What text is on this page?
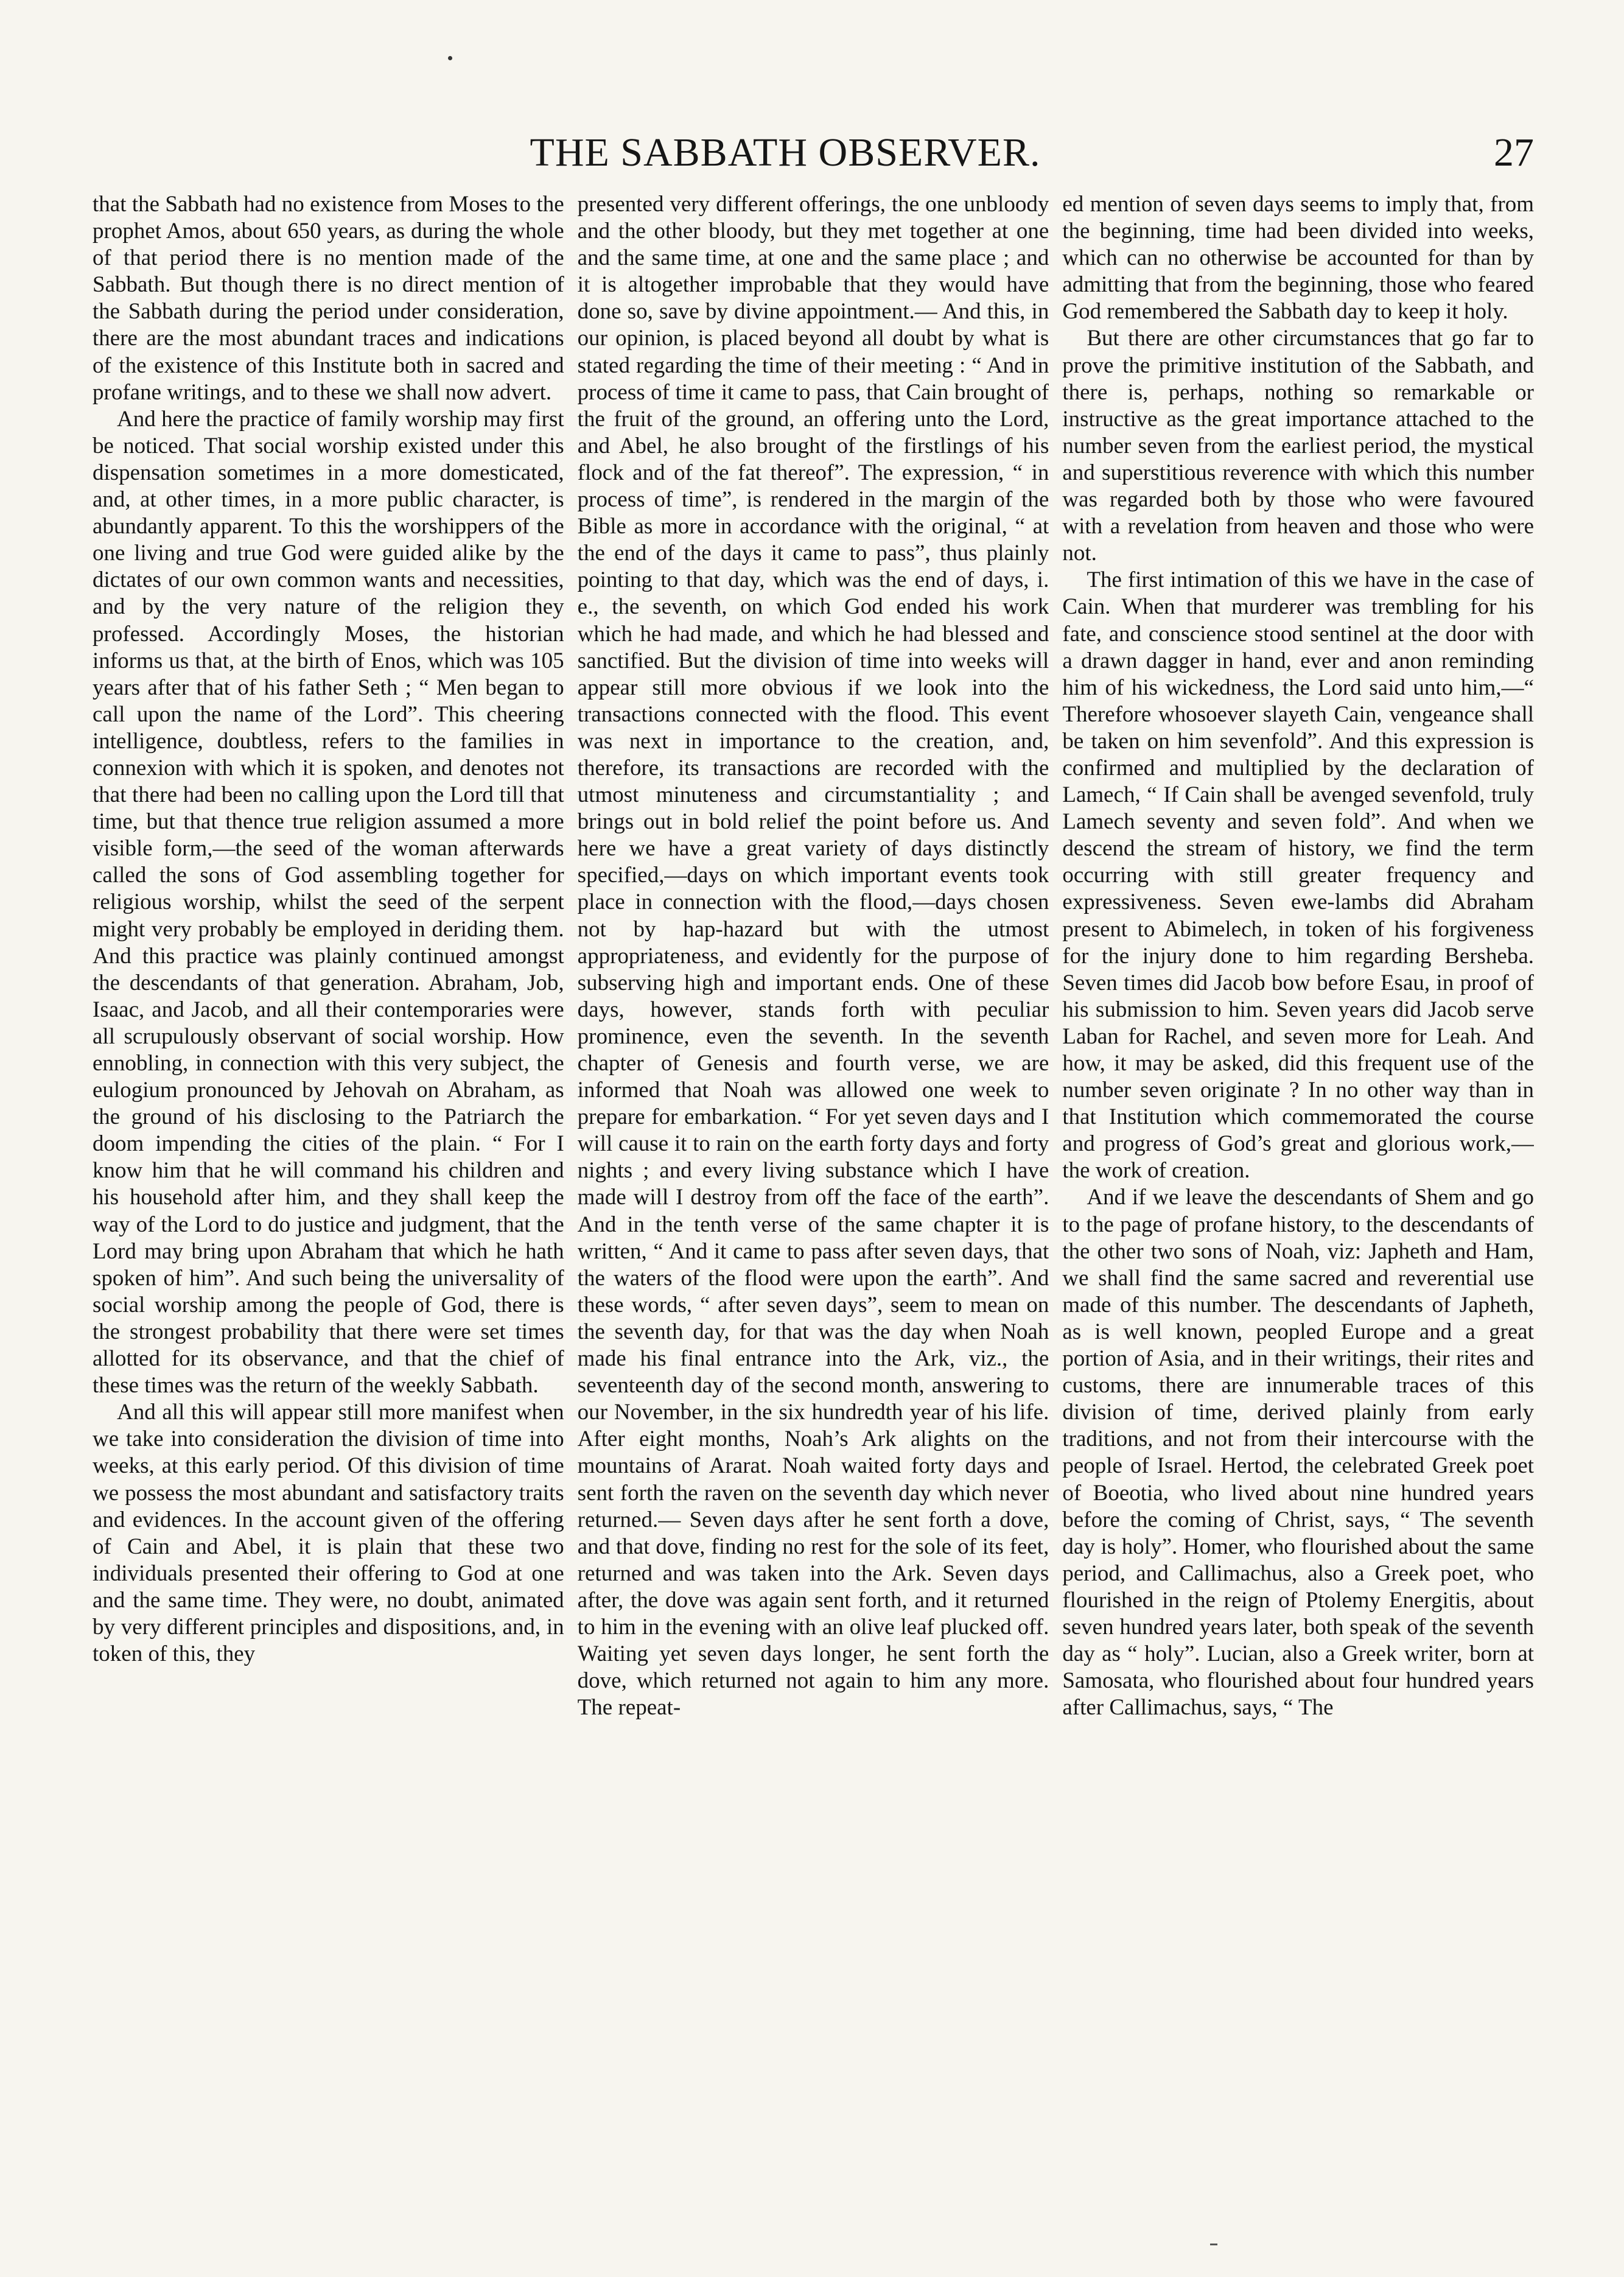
THE SABBATH OBSERVER.	27

that the Sabbath had no existence from Moses to the prophet Amos, about 650 years, as during the whole of that period there is no mention made of the Sabbath. But though there is no direct mention of the Sabbath during the period under consideration, there are the most abundant traces and indications of the existence of this Institute both in sacred and profane writings, and to these we shall now advert.

And here the practice of family worship may first be noticed. That social worship existed under this dispensation sometimes in a more domesticated, and, at other times, in a more public character, is abundantly apparent. To this the worshippers of the one living and true God were guided alike by the dictates of our own common wants and necessities, and by the very nature of the religion they professed. Accordingly Moses, the historian informs us that, at the birth of Enos, which was 105 years after that of his father Seth ; “ Men began to call upon the name of the Lord”. This cheering intelligence, doubtless, refers to the families in connexion with which it is spoken, and denotes not that there had been no calling upon the Lord till that time, but that thence true religion assumed a more visible form,—the seed of the woman afterwards called the sons of God assembling together for religious worship, whilst the seed of the serpent might very probably be employed in deriding them. And this practice was plainly continued amongst the descendants of that generation. Abraham, Job, Isaac, and Jacob, and all their contemporaries were all scrupulously observant of social worship. How ennobling, in connection with this very subject, the eulogium pronounced by Jehovah on Abraham, as the ground of his disclosing to the Patriarch the doom impending the cities of the plain. “ For I know him that he will command his children and his household after him, and they shall keep the way of the Lord to do justice and judgment, that the Lord may bring upon Abraham that which he hath spoken of him”. And such being the universality of social worship among the people of God, there is the strongest probability that there were set times allotted for its observance, and that the chief of these times was the return of the weekly Sabbath.

And all this will appear still more manifest when we take into consideration the division of time into weeks, at this early period. Of this division of time we possess the most abundant and satisfactory traits and evidences. In the account given of the offering of Cain and Abel, it is plain that these two individuals presented their offering to God at one and the same time. They were, no doubt, animated by very different principles and dispositions, and, in token of this, they

presented very different offerings, the one unbloody and the other bloody, but they met together at one and the same time, at one and the same place ; and it is altogether improbable that they would have done so, save by divine appointment.— And this, in our opinion, is placed beyond all doubt by what is stated regarding the time of their meeting : “ And in process of time it came to pass, that Cain brought of the fruit of the ground, an offering unto the Lord, and Abel, he also brought of the firstlings of his flock and of the fat thereof”. The expression, “ in process of time”, is rendered in the margin of the Bible as more in accordance with the original, “ at the end of the days it came to pass”, thus plainly pointing to that day, which was the end of days, i. e., the seventh, on which God ended his work which he had made, and which he had blessed and sanctified. But the division of time into weeks will appear still more obvious if we look into the transactions connected with the flood. This event was next in importance to the creation, and, therefore, its transactions are recorded with the utmost minuteness and circumstantiality ; and brings out in bold relief the point before us. And here we have a great variety of days distinctly specified,—days on which important events took place in connection with the flood,—days chosen not by hap-hazard but with the utmost appropriateness, and evidently for the purpose of subserving high and important ends. One of these days, however, stands forth with peculiar prominence, even the seventh. In the seventh chapter of Genesis and fourth verse, we are informed that Noah was allowed one week to prepare for embarkation. “ For yet seven days and I will cause it to rain on the earth forty days and forty nights ; and every living substance which I have made will I destroy from off the face of the earth”. And in the tenth verse of the same chapter it is written, “ And it came to pass after seven days, that the waters of the flood were upon the earth”. And these words, “ after seven days”, seem to mean on the seventh day, for that was the day when Noah made his final entrance into the Ark, viz., the seventeenth day of the second month, answering to our November, in the six hundredth year of his life. After eight months, Noah’s Ark alights on the mountains of Ararat. Noah waited forty days and sent forth the raven on the seventh day which never returned.— Seven days after he sent forth a dove, and that dove, finding no rest for the sole of its feet, returned and was taken into the Ark. Seven days after, the dove was again sent forth, and it returned to him in the evening with an olive leaf plucked off. Waiting yet seven days longer, he sent forth the dove, which returned not again to him any more. The repeat-

ed mention of seven days seems to imply that, from the beginning, time had been divided into weeks, which can no otherwise be accounted for than by admitting that from the beginning, those who feared God remembered the Sabbath day to keep it holy.

But there are other circumstances that go far to prove the primitive institution of the Sabbath, and there is, perhaps, nothing so remarkable or instructive as the great importance attached to the number seven from the earliest period, the mystical and superstitious reverence with which this number was regarded both by those who were favoured with a revelation from heaven and those who were not.

The first intimation of this we have in the case of Cain. When that murderer was trembling for his fate, and conscience stood sentinel at the door with a drawn dagger in hand, ever and anon reminding him of his wickedness, the Lord said unto him,—“ Therefore whosoever slayeth Cain, vengeance shall be taken on him sevenfold”. And this expression is confirmed and multiplied by the declaration of Lamech, “ If Cain shall be avenged sevenfold, truly Lamech seventy and seven fold”. And when we descend the stream of history, we find the term occurring with still greater frequency and expressiveness. Seven ewe-lambs did Abraham present to Abimelech, in token of his forgiveness for the injury done to him regarding Bersheba. Seven times did Jacob bow before Esau, in proof of his submission to him. Seven years did Jacob serve Laban for Rachel, and seven more for Leah. And how, it may be asked, did this frequent use of the number seven originate ? In no other way than in that Institution which commemorated the course and progress of God’s great and glorious work,—the work of creation.

And if we leave the descendants of Shem and go to the page of profane history, to the descendants of the other two sons of Noah, viz: Japheth and Ham, we shall find the same sacred and reverential use made of this number. The descendants of Japheth, as is well known, peopled Europe and a great portion of Asia, and in their writings, their rites and customs, there are innumerable traces of this division of time, derived plainly from early traditions, and not from their intercourse with the people of Israel. Hertod, the celebrated Greek poet of Boeotia, who lived about nine hundred years before the coming of Christ, says, “ The seventh day is holy”. Homer, who flourished about the same period, and Callimachus, also a Greek poet, who flourished in the reign of Ptolemy Energitis, about seven hundred years later, both speak of the seventh day as “ holy”. Lucian, also a Greek writer, born at Samosata, who flourished about four hundred years after Callimachus, says, “ The
